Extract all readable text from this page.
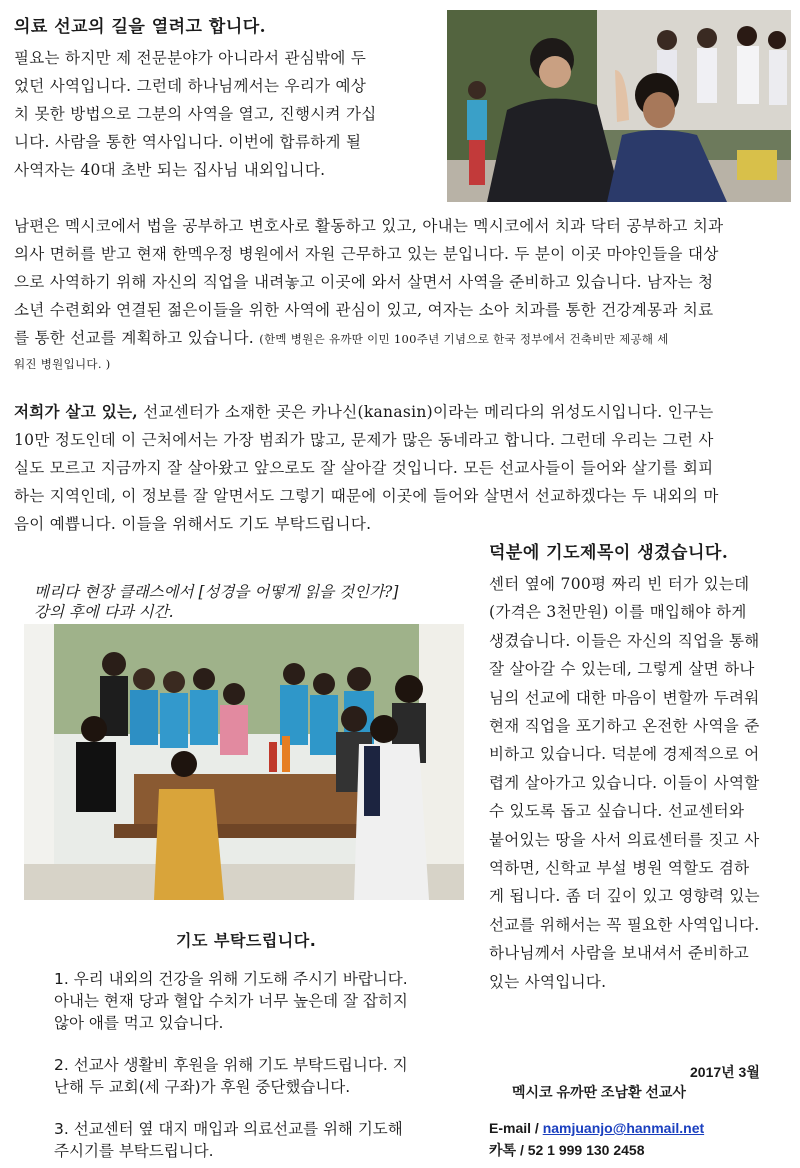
의료 선교의 길을 열려고 합니다.
필요는 하지만 제 전문분야가 아니라서 관심밖에 두
었던 사역입니다. 그런데 하나님께서는 우리가 예상
치 못한 방법으로 그분의 사역을 열고, 진행시켜 가십
니다. 사람을 통한 역사입니다. 이번에 합류하게 될
사역자는 40대 초반 되는 집사님 내외입니다.
남편은 멕시코에서 법을 공부하고 변호사로 활동하고 있고, 아내는 멕시코에서 치과 닥터 공부하고 치과
의사 면허를 받고 현재 한멕우정 병원에서 자원 근무하고 있는 분입니다. 두 분이 이곳 마야인들을 대상
으로 사역하기 위해 자신의 직업을 내려놓고 이곳에 와서 살면서 사역을 준비하고 있습니다. 남자는 청
소년 수련회와 연결된 젊은이들을 위한 사역에 관심이 있고, 여자는 소아 치과를 통한 건강계몽과 치료
를 통한 선교를 계획하고 있습니다. (한멕 병원은 유까딴 이민 100주년 기념으로 한국 정부에서 건축비만 제공해 세
워진 병원입니다. )
저희가 살고 있는, 선교센터가 소재한 곳은 카나신(kanasin)이라는 메리다의 위성도시입니다. 인구는
10만 정도인데 이 근처에서는 가장 범죄가 많고, 문제가 많은 동네라고 합니다. 그런데 우리는 그런 사
실도 모르고 지금까지 잘 살아왔고 앞으로도 잘 살아갈 것입니다. 모든 선교사들이 들어와 살기를 회피
하는 지역인데, 이 정보를 잘 알면서도 그렇기 때문에 이곳에 들어와 살면서 선교하겠다는 두 내외의 마
음이 예쁩니다. 이들을 위해서도 기도 부탁드립니다.
메리다 현장 클래스에서 [성경을 어떻게 읽을 것인가?]
강의 후에 다과 시간.
덕분에 기도제목이 생겼습니다.
센터 옆에 700평 짜리 빈 터가 있는데
(가격은 3천만원) 이를 매입해야 하게
생겼습니다. 이들은 자신의 직업을 통해
잘 살아갈 수 있는데, 그렇게 살면 하나
님의 선교에 대한 마음이 변할까 두려워
현재 직업을 포기하고 온전한 사역을 준
비하고 있습니다. 덕분에 경제적으로 어
렵게 살아가고 있습니다. 이들이 사역할
수 있도록 돕고 싶습니다. 선교센터와
붙어있는 땅을 사서 의료센터를 짓고 사
역하면, 신학교 부설 병원 역할도 겸하
게 됩니다. 좀 더 깊이 있고 영향력 있는
선교를 위해서는 꼭 필요한 사역입니다.
하나님께서 사람을 보내셔서 준비하고
있는 사역입니다.
기도 부탁드립니다.
1. 우리 내외의 건강을 위해 기도해 주시기 바랍니다.
아내는 현재 당과 혈압 수치가 너무 높은데 잘 잡히지
않아 애를 먹고 있습니다.
2. 선교사 생활비 후원을 위해 기도 부탁드립니다. 지
난해 두 교회(세 구좌)가 후원 중단했습니다.
3. 선교센터 옆 대지 매입과 의료선교를 위해 기도해
주시기를 부탁드립니다.
2017년 3월
멕시코 유까딴 조남환 선교사
E-mail / namjuanjo@hanmail.net
카톡 / 52 1 999 130 2458
